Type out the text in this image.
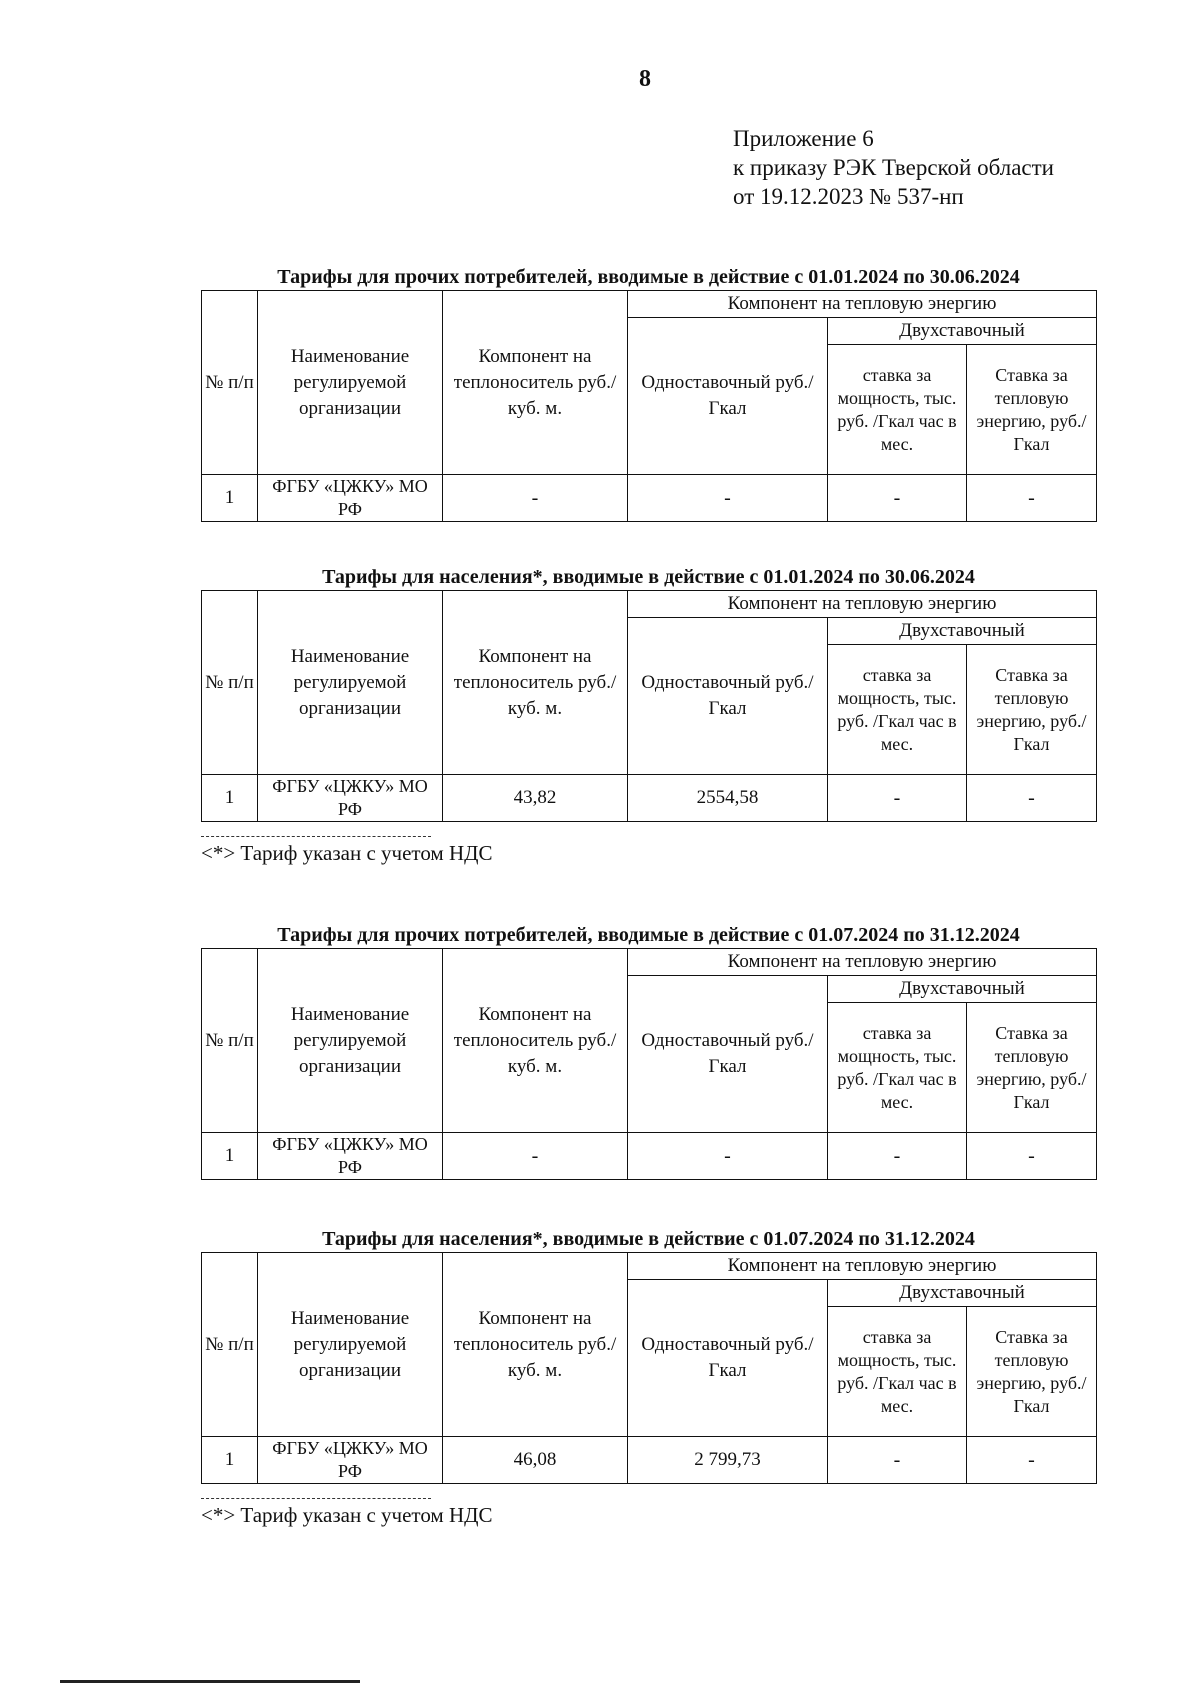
8
Приложение 6
к приказу РЭК Тверской области
от 19.12.2023 № 537-нп
Тарифы для прочих потребителей, вводимые в действие с 01.01.2024 по 30.06.2024
№ п/п	Наименование регулируемой организации	Компонент на теплоноситель руб./куб. м.	Компонент на тепловую энергию		
			Одноставочный руб./Гкал	Двухставочный	
				ставка за мощность, тыс. руб. /Гкал час в мес.	Ставка за тепловую энергию, руб./Гкал
1	ФГБУ «ЦЖКУ» МО РФ	-	-	-	-
Тарифы для населения*, вводимые в действие с 01.01.2024 по 30.06.2024
№ п/п	Наименование регулируемой организации	Компонент на теплоноситель руб./куб. м.	Компонент на тепловую энергию		
			Одноставочный руб./Гкал	Двухставочный	
				ставка за мощность, тыс. руб. /Гкал час в мес.	Ставка за тепловую энергию, руб./Гкал
1	ФГБУ «ЦЖКУ» МО РФ	43,82	2554,58	-	-
<*> Тариф указан с учетом НДС
Тарифы для прочих потребителей, вводимые в действие с 01.07.2024 по 31.12.2024
№ п/п	Наименование регулируемой организации	Компонент на теплоноситель руб./куб. м.	Компонент на тепловую энергию		
			Одноставочный руб./Гкал	Двухставочный	
				ставка за мощность, тыс. руб. /Гкал час в мес.	Ставка за тепловую энергию, руб./Гкал
1	ФГБУ «ЦЖКУ» МО РФ	-	-	-	-
Тарифы для населения*, вводимые в действие с 01.07.2024 по 31.12.2024
№ п/п	Наименование регулируемой организации	Компонент на теплоноситель руб./куб. м.	Компонент на тепловую энергию		
			Одноставочный руб./Гкал	Двухставочный	
				ставка за мощность, тыс. руб. /Гкал час в мес.	Ставка за тепловую энергию, руб./Гкал
1	ФГБУ «ЦЖКУ» МО РФ	46,08	2 799,73	-	-
<*> Тариф указан с учетом НДС
